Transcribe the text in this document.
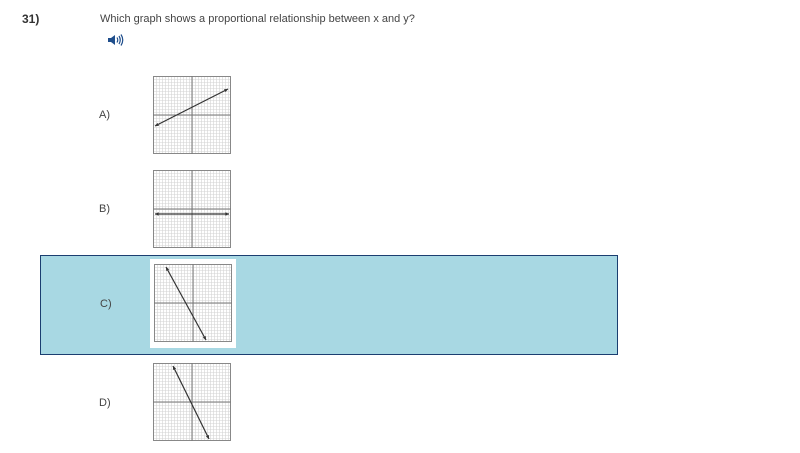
31)	Which graph shows a proportional relationship between x and y?
A)
B)
C)
D)
